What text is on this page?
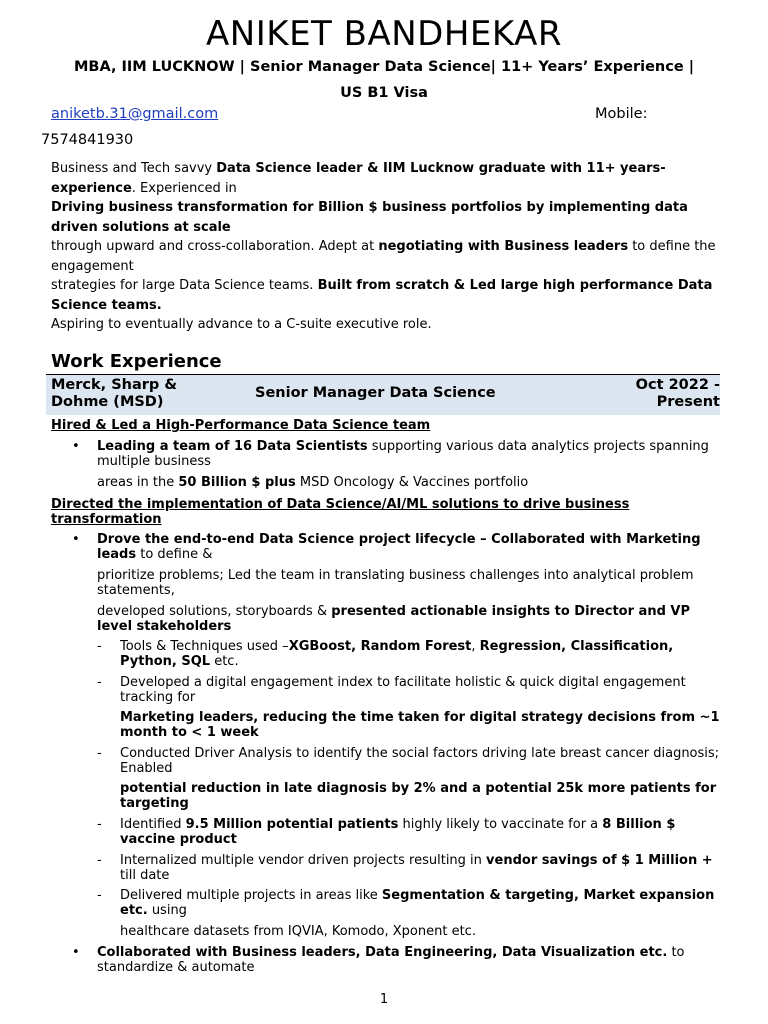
ANIKET BANDHEKAR
MBA, IIM LUCKNOW | Senior Manager Data Science| 11+ Years’ Experience |
US B1 Visa
aniketb.31@gmail.com	Mobile:
7574841930

Business and Tech savvy Data Science leader & IIM Lucknow graduate with 11+ years-experience. Experienced in

Driving business transformation for Billion $ business portfolios by implementing data driven solutions at scale

through upward and cross-collaboration. Adept at negotiating with Business leaders to define the engagement

strategies for large Data Science teams. Built from scratch & Led large high performance Data Science teams.

Aspiring to eventually advance to a C-suite executive role.

Work Experience
Merck, Sharp &
Dohme (MSD)
Senior Manager Data Science	Oct 2022 -
Present
Hired & Led a High-Performance Data Science team
• Leading a team of 16 Data Scientists supporting various data analytics projects spanning multiple business
areas in the 50 Billion $ plus MSD Oncology & Vaccines portfolio
Directed the implementation of Data Science/AI/ML solutions to drive business transformation
• Drove the end-to-end Data Science project lifecycle – Collaborated with Marketing leads to define &
prioritize problems; Led the team in translating business challenges into analytical problem statements,
developed solutions, storyboards & presented actionable insights to Director and VP level stakeholders
- Tools & Techniques used –XGBoost, Random Forest, Regression, Classification, Python, SQL etc.
- Developed a digital engagement index to facilitate holistic & quick digital engagement tracking for
Marketing leaders, reducing the time taken for digital strategy decisions from ~1 month to < 1 week
- Conducted Driver Analysis to identify the social factors driving late breast cancer diagnosis; Enabled
potential reduction in late diagnosis by 2% and a potential 25k more patients for targeting
- Identified 9.5 Million potential patients highly likely to vaccinate for a 8 Billion $ vaccine product
- Internalized multiple vendor driven projects resulting in vendor savings of $ 1 Million + till date
- Delivered multiple projects in areas like Segmentation & targeting, Market expansion etc. using
healthcare datasets from IQVIA, Komodo, Xponent etc.
• Collaborated with Business leaders, Data Engineering, Data Visualization etc. to standardize & automate
1
